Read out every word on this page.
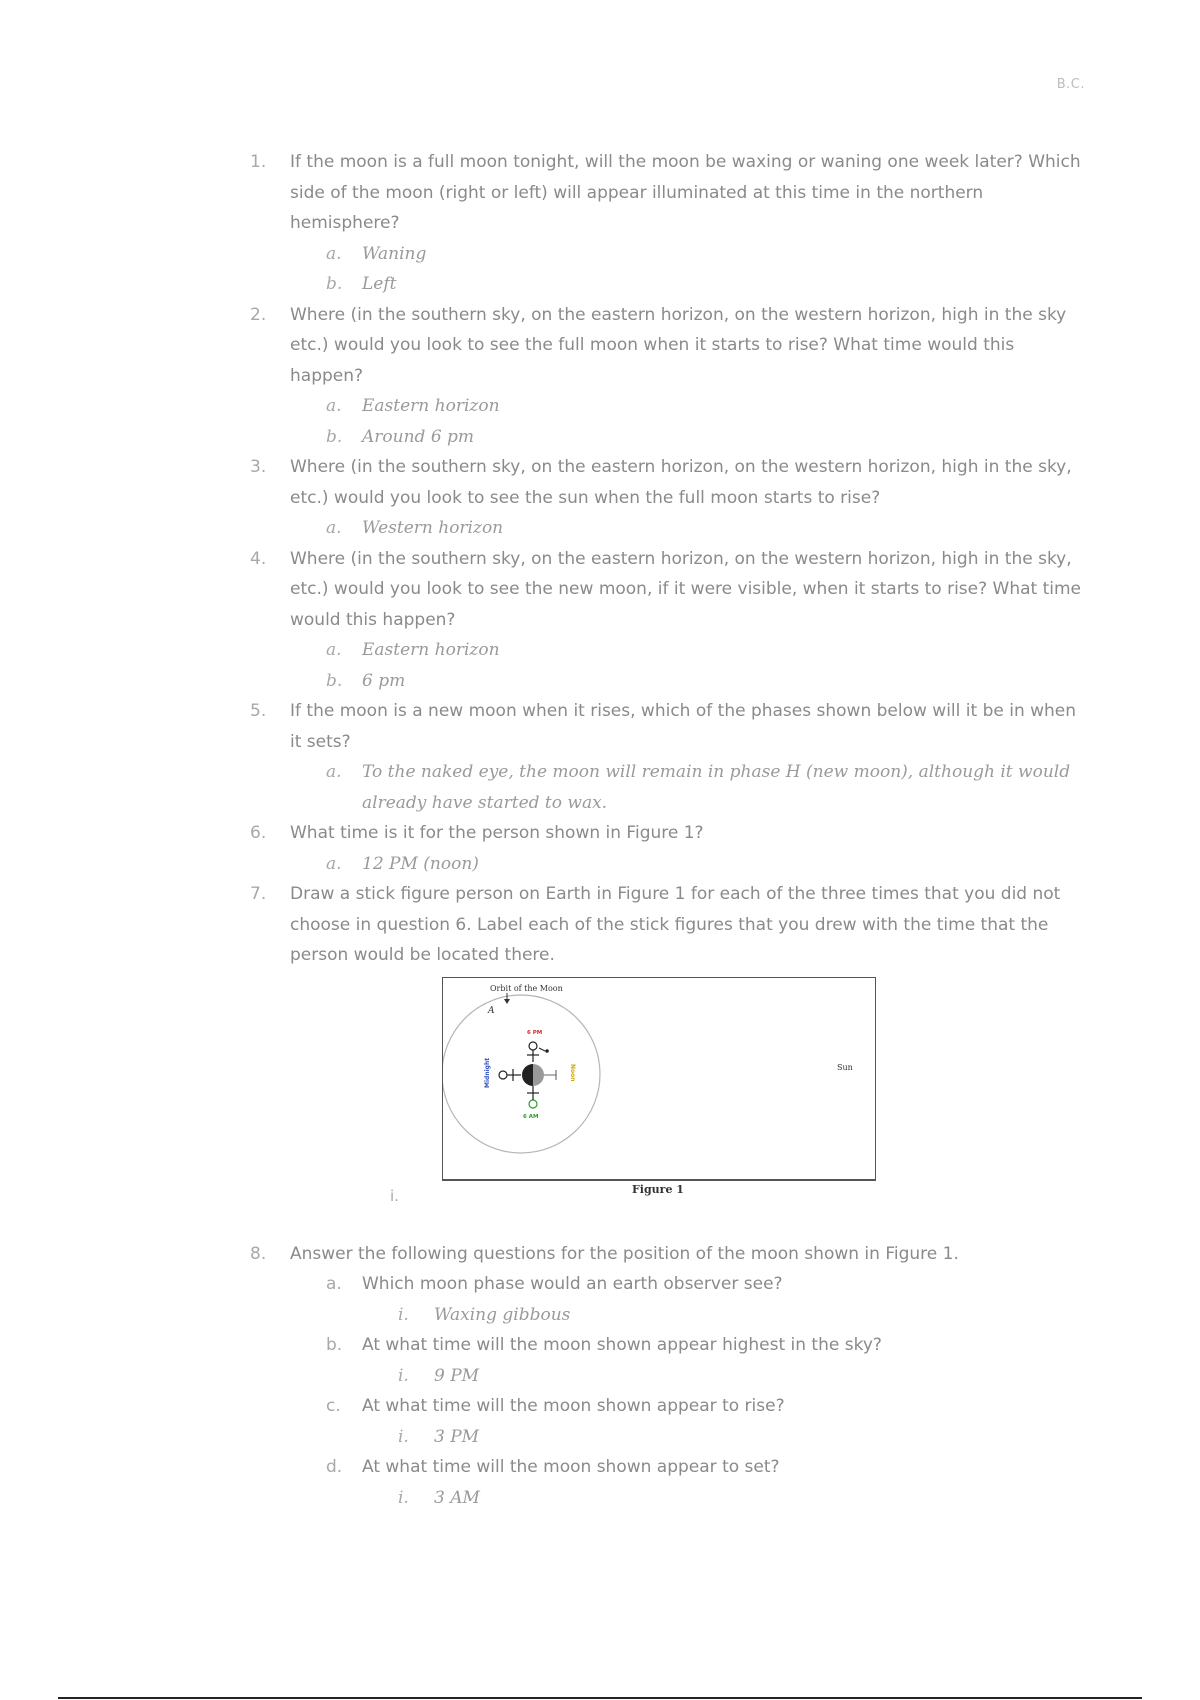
B.C.
1. If the moon is a full moon tonight, will the moon be waxing or waning one week later? Which side of the moon (right or left) will appear illuminated at this time in the northern hemisphere?
a. Waning
b. Left
2. Where (in the southern sky, on the eastern horizon, on the western horizon, high in the sky etc.) would you look to see the full moon when it starts to rise? What time would this happen?
a. Eastern horizon
b. Around 6 pm
3. Where (in the southern sky, on the eastern horizon, on the western horizon, high in the sky, etc.) would you look to see the sun when the full moon starts to rise?
a. Western horizon
4. Where (in the southern sky, on the eastern horizon, on the western horizon, high in the sky, etc.) would you look to see the new moon, if it were visible, when it starts to rise? What time would this happen?
a. Eastern horizon
b. 6 pm
5. If the moon is a new moon when it rises, which of the phases shown below will it be in when it sets?
a. To the naked eye, the moon will remain in phase H (new moon), although it would already have started to wax.
6. What time is it for the person shown in Figure 1?
a. 12 PM (noon)
7. Draw a stick figure person on Earth in Figure 1 for each of the three times that you did not choose in question 6. Label each of the stick figures that you drew with the time that the person would be located there.
Orbit of the Moon
A
6 PM
Midnight	Noon
6 AM
Sun
i.	Figure 1
8. Answer the following questions for the position of the moon shown in Figure 1.
a. Which moon phase would an earth observer see?
i. Waxing gibbous
b. At what time will the moon shown appear highest in the sky?
i. 9 PM
c. At what time will the moon shown appear to rise?
i. 3 PM
d. At what time will the moon shown appear to set?
i. 3 AM
